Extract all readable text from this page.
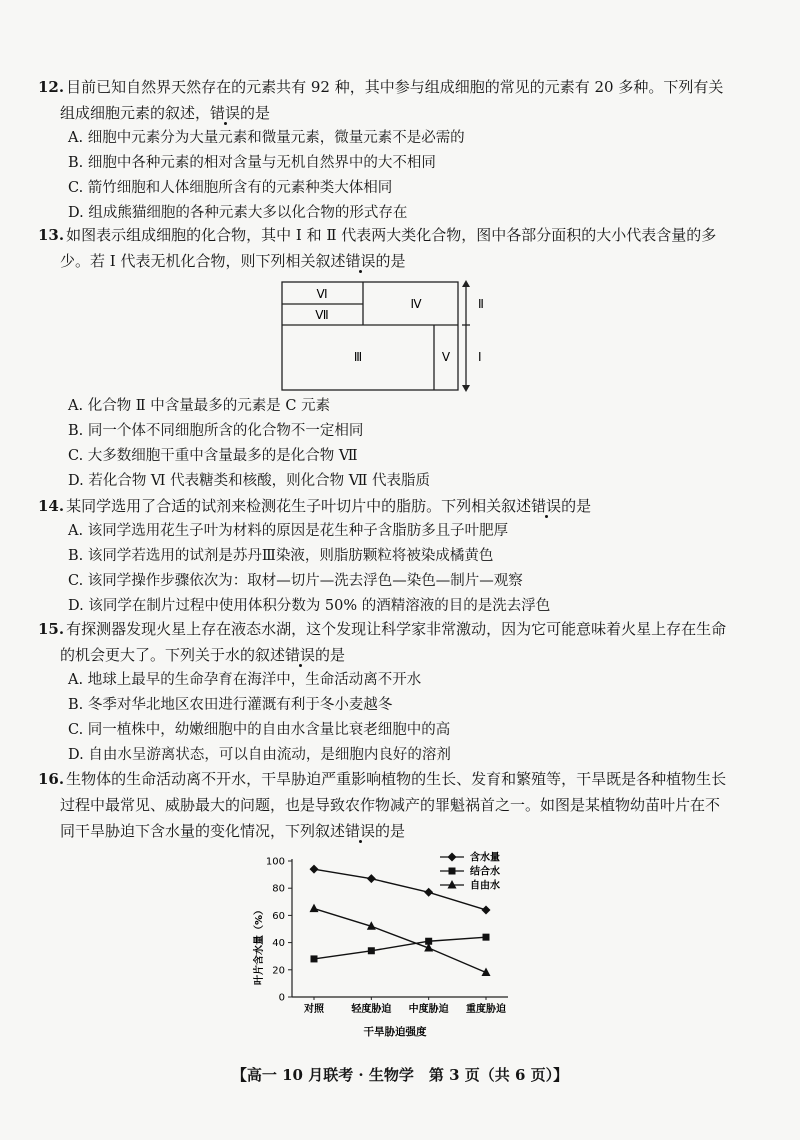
12. 目前已知自然界天然存在的元素共有 92 种，其中参与组成细胞的常见的元素有 20 多种。下列有关
组成细胞元素的叙述，错误的是

A. 细胞中元素分为大量元素和微量元素，微量元素不是必需的

B. 细胞中各种元素的相对含量与无机自然界中的大不相同

C. 箭竹细胞和人体细胞所含有的元素种类大体相同

D. 组成熊猫细胞的各种元素大多以化合物的形式存在

13. 如图表示组成细胞的化合物，其中 Ⅰ 和 Ⅱ 代表两大类化合物，图中各部分面积的大小代表含量的多
少。若 Ⅰ 代表无机化合物，则下列相关叙述错误的是

Ⅵ
Ⅶ
Ⅳ
Ⅲ	Ⅴ
Ⅱ
Ⅰ

A. 化合物 Ⅱ 中含量最多的元素是 C 元素

B. 同一个体不同细胞所含的化合物不一定相同

C. 大多数细胞干重中含量最多的是化合物 Ⅶ

D. 若化合物 Ⅵ 代表糖类和核酸，则化合物 Ⅶ 代表脂质

14. 某同学选用了合适的试剂来检测花生子叶切片中的脂肪。下列相关叙述错误的是

A. 该同学选用花生子叶为材料的原因是花生种子含脂肪多且子叶肥厚

B. 该同学若选用的试剂是苏丹Ⅲ染液，则脂肪颗粒将被染成橘黄色

C. 该同学操作步骤依次为：取材—切片—洗去浮色—染色—制片—观察

D. 该同学在制片过程中使用体积分数为 50% 的酒精溶液的目的是洗去浮色

15. 有探测器发现火星上存在液态水湖，这个发现让科学家非常激动，因为它可能意味着火星上存在生命
的机会更大了。下列关于水的叙述错误的是

A. 地球上最早的生命孕育在海洋中，生命活动离不开水

B. 冬季对华北地区农田进行灌溉有利于冬小麦越冬

C. 同一植株中，幼嫩细胞中的自由水含量比衰老细胞中的高

D. 自由水呈游离状态，可以自由流动，是细胞内良好的溶剂

16. 生物体的生命活动离不开水，干旱胁迫严重影响植物的生长、发育和繁殖等，干旱既是各种植物生长
过程中最常见、威胁最大的问题，也是导致农作物减产的罪魁祸首之一。如图是某植物幼苗叶片在不
同干旱胁迫下含水量的变化情况，下列叙述错误的是

0
20
40
60
80
100
对照	轻度胁迫 中度胁迫 重度胁迫
含水量
结合水
自由水
叶片含水量（%）
干旱胁迫强度
【高一 10 月联考 · 生物学　第 3 页（共 6 页）】
